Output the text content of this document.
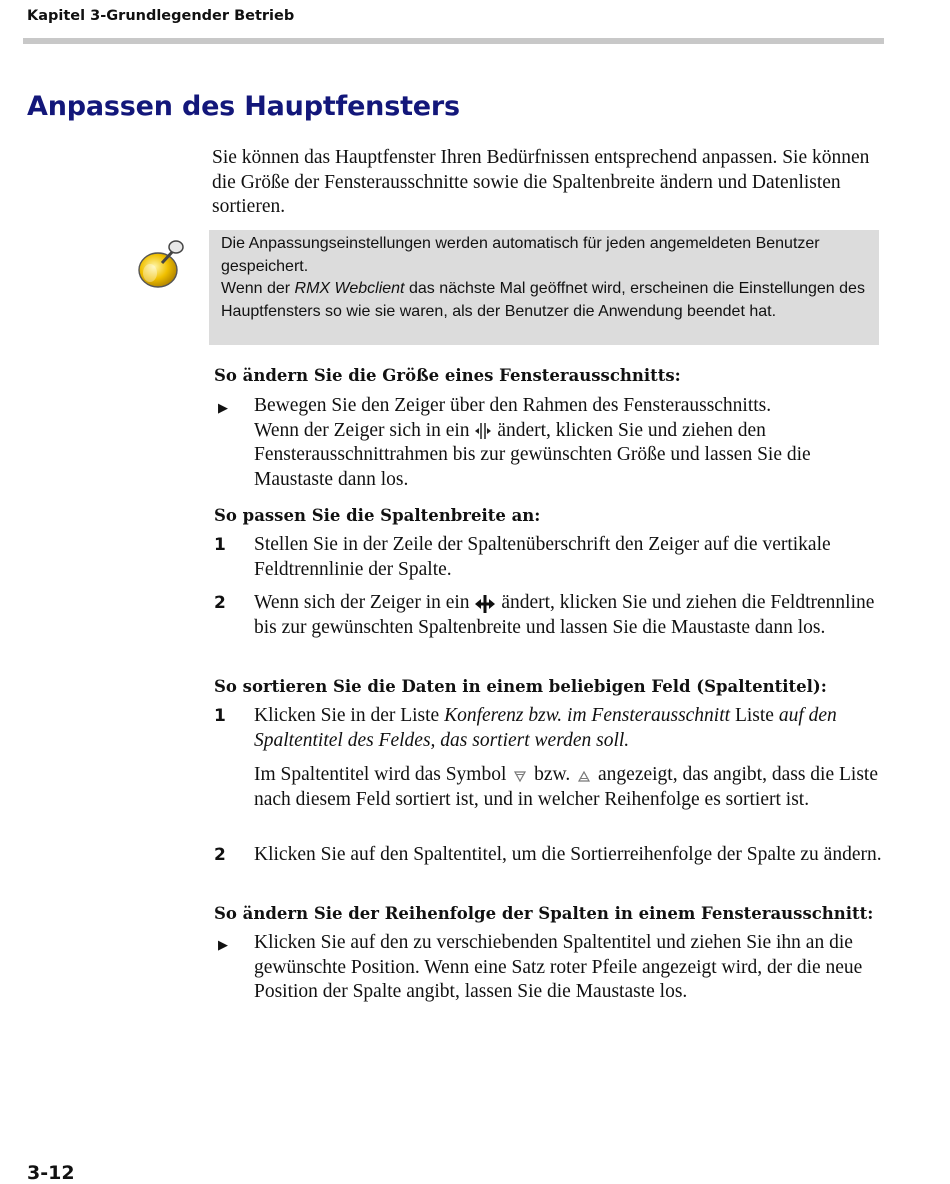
Kapitel 3-Grundlegender Betrieb
Anpassen des Hauptfensters
Sie können das Hauptfenster Ihren Bedürfnissen entsprechend anpassen. Sie können die Größe der Fensterausschnitte sowie die Spaltenbreite ändern und Datenlisten sortieren.
Die Anpassungseinstellungen werden automatisch für jeden angemeldeten Benutzer gespeichert.
Wenn der RMX Webclient das nächste Mal geöffnet wird, erscheinen die Einstellungen des Hauptfensters so wie sie waren, als der Benutzer die Anwendung beendet hat.
So ändern Sie die Größe eines Fensterausschnitts:
▶ Bewegen Sie den Zeiger über den Rahmen des Fensterausschnitts.
Wenn der Zeiger sich in ein  ändert, klicken Sie und ziehen den Fensterausschnittrahmen bis zur gewünschten Größe und lassen Sie die Maustaste dann los.
So passen Sie die Spaltenbreite an:
1 Stellen Sie in der Zeile der Spaltenüberschrift den Zeiger auf die vertikale Feldtrennlinie der Spalte.
2 Wenn sich der Zeiger in ein  ändert, klicken Sie und ziehen die Feldtrennline bis zur gewünschten Spaltenbreite und lassen Sie die Maustaste dann los.
So sortieren Sie die Daten in einem beliebigen Feld (Spaltentitel):
1 Klicken Sie in der Liste Konferenz bzw. im Fensterausschnitt Liste auf den Spaltentitel des Feldes, das sortiert werden soll.
Im Spaltentitel wird das Symbol  bzw.  angezeigt, das angibt, dass die Liste nach diesem Feld sortiert ist, und in welcher Reihenfolge es sortiert ist.
2 Klicken Sie auf den Spaltentitel, um die Sortierreihenfolge der Spalte zu ändern.
So ändern Sie der Reihenfolge der Spalten in einem Fensterausschnitt:
▶ Klicken Sie auf den zu verschiebenden Spaltentitel und ziehen Sie ihn an die gewünschte Position. Wenn eine Satz roter Pfeile angezeigt wird, der die neue Position der Spalte angibt, lassen Sie die Maustaste los.
3-12
